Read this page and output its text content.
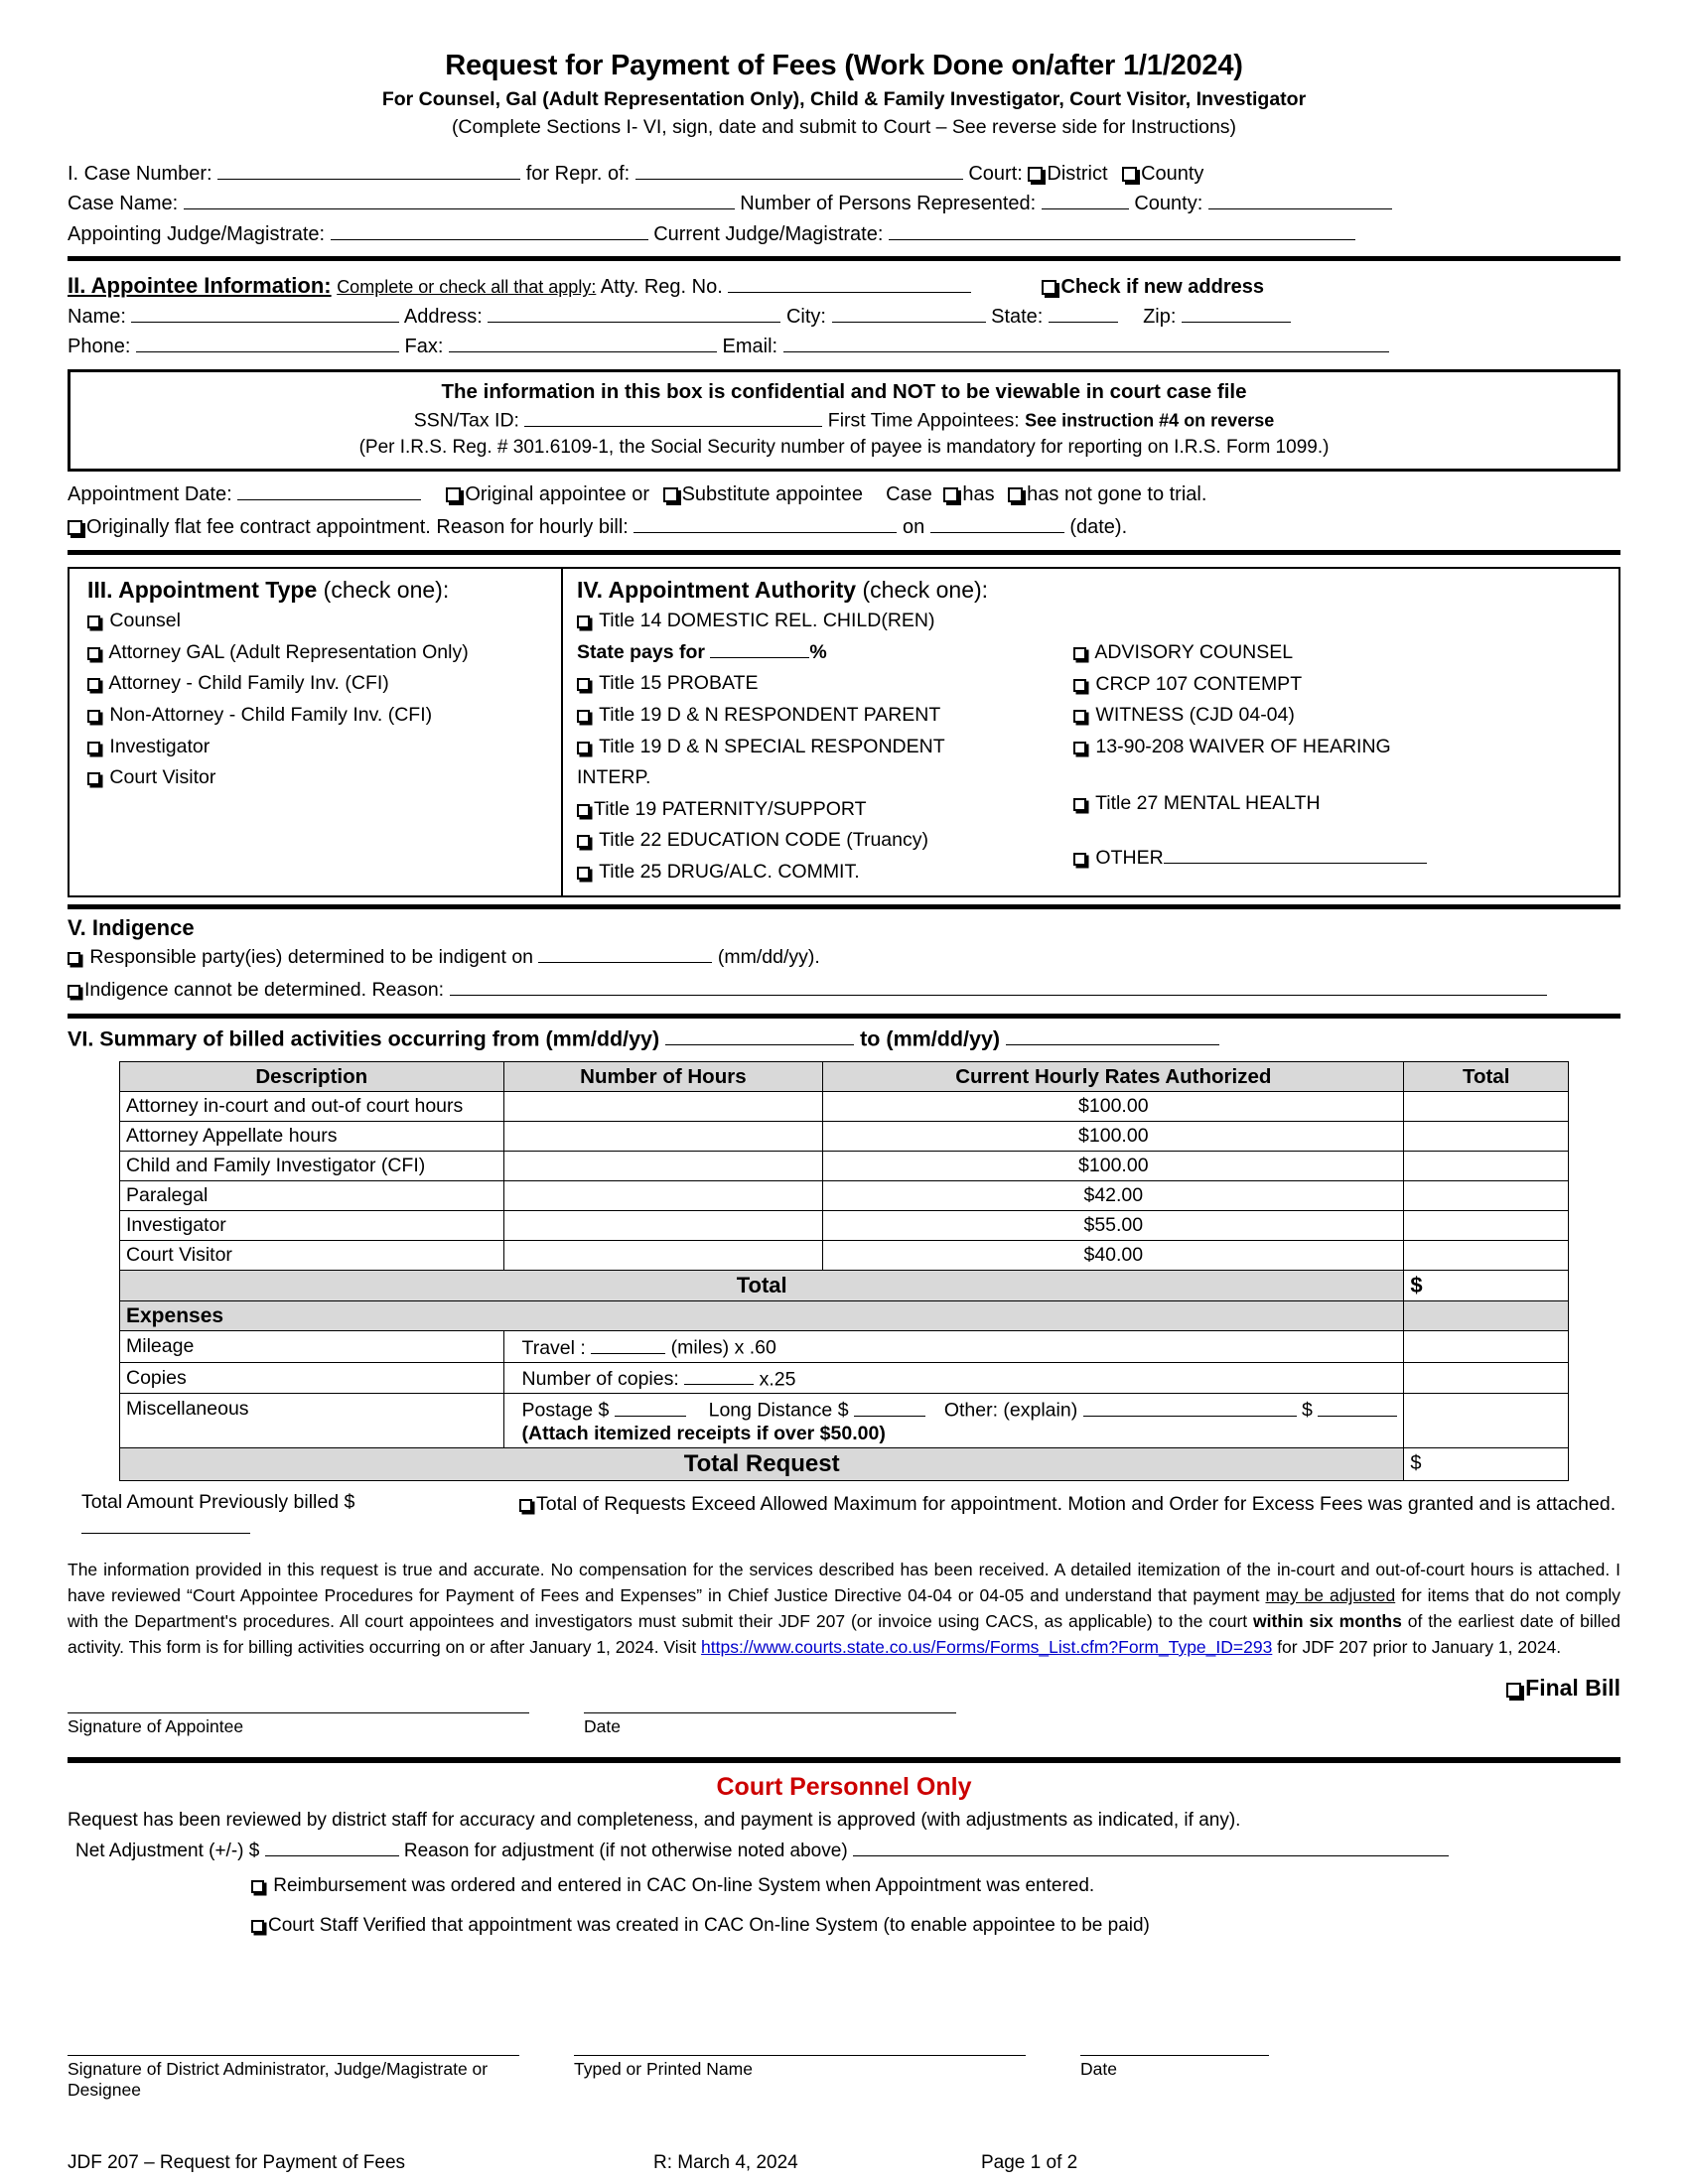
Request for Payment of Fees (Work Done on/after 1/1/2024)
For Counsel, Gal (Adult Representation Only), Child & Family Investigator, Court Visitor, Investigator
(Complete Sections I- VI, sign, date and submit to Court – See reverse side for Instructions)
I. Case Number:	for Repr. of:	Court: District County
Case Name:	Number of Persons Represented:	County:
Appointing Judge/Magistrate:	Current Judge/Magistrate:
II. Appointee Information: Complete or check all that apply: Atty. Reg. No.	Check if new address
Name:	Address:	City:	State:	Zip:
Phone:	Fax:	Email:
The information in this box is confidential and NOT to be viewable in court case file
SSN/Tax ID:	First Time Appointees: See instruction #4 on reverse
(Per I.R.S. Reg. # 301.6109-1, the Social Security number of payee is mandatory for reporting on I.R.S. Form 1099.)
Appointment Date:	Original appointee or Substitute appointee Case has has not gone to trial.
Originally flat fee contract appointment. Reason for hourly bill:	on	(date).
III. Appointment Type (check one):
Counsel
Attorney GAL (Adult Representation Only)
Attorney - Child Family Inv. (CFI)
Non-Attorney - Child Family Inv. (CFI)
Investigator
Court Visitor
IV. Appointment Authority (check one):
Title 14 DOMESTIC REL. CHILD(REN)
State pays for	%
Title 15 PROBATE
Title 19 D & N RESPONDENT PARENT
Title 19 D & N SPECIAL RESPONDENT INTERP.
Title 19 PATERNITY/SUPPORT
Title 22 EDUCATION CODE (Truancy)
Title 25 DRUG/ALC. COMMIT.
ADVISORY COUNSEL
CRCP 107 CONTEMPT
WITNESS (CJD 04-04)
13-90-208 WAIVER OF HEARING
Title 27 MENTAL HEALTH
OTHER
V. Indigence
Responsible party(ies) determined to be indigent on	(mm/dd/yy).
Indigence cannot be determined. Reason:
VI. Summary of billed activities occurring from (mm/dd/yy)	to (mm/dd/yy)
Description	Number of Hours	Current Hourly Rates Authorized	Total
Attorney in-court and out-of court hours		$100.00	
Attorney Appellate hours		$100.00	
Child and Family Investigator (CFI)		$100.00	
Paralegal		$42.00	
Investigator		$55.00	
Court Visitor		$40.00	
Total			$
Expenses			
Mileage	Travel : (miles) x .60		
Copies	Number of copies: x.25		
Miscellaneous	Postage $ Long Distance $ Other: (explain) $
(Attach itemized receipts if over $50.00)		

Total Request			$
Total Amount Previously billed $	Total of Requests Exceed Allowed Maximum for appointment. Motion and Order for Excess Fees was granted and is attached.
The information provided in this request is true and accurate. No compensation for the services described has been received. A detailed itemization of the in-court and out-of-court hours is attached. I have reviewed “Court Appointee Procedures for Payment of Fees and Expenses” in Chief Justice Directive 04-04 or 04-05 and understand that payment may be adjusted for items that do not comply with the Department's procedures. All court appointees and investigators must submit their JDF 207 (or invoice using CACS, as applicable) to the court within six months of the earliest date of billed activity. This form is for billing activities occurring on or after January 1, 2024. Visit https://www.courts.state.co.us/Forms/Forms_List.cfm?Form_Type_ID=293 for JDF 207 prior to January 1, 2024.
Final Bill
Signature of Appointee	Date
Court Personnel Only
Request has been reviewed by district staff for accuracy and completeness, and payment is approved (with adjustments as indicated, if any).
Net Adjustment (+/-) $	Reason for adjustment (if not otherwise noted above)
Reimbursement was ordered and entered in CAC On-line System when Appointment was entered.
Court Staff Verified that appointment was created in CAC On-line System (to enable appointee to be paid)
Signature of District Administrator, Judge/Magistrate or Designee
Typed or Printed Name	Date
JDF 207 – Request for Payment of Fees	R: March 4, 2024	Page 1 of 2
